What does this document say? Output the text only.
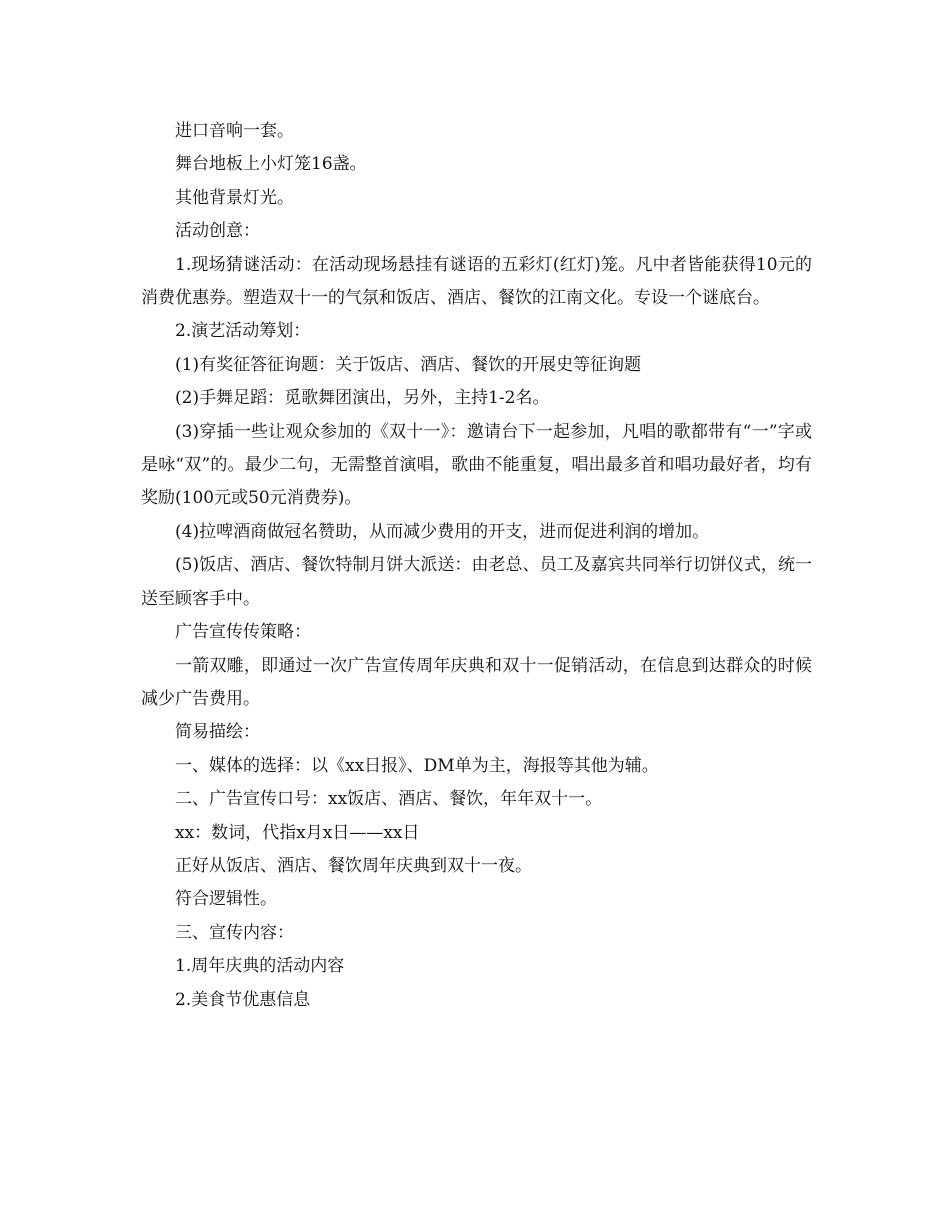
进口音响一套。

舞台地板上小灯笼16盏。

其他背景灯光。

活动创意：

1.现场猜谜活动：在活动现场悬挂有谜语的五彩灯(红灯)笼。凡中者皆能获得10元的消费优惠券。塑造双十一的气氛和饭店、酒店、餐饮的江南文化。专设一个谜底台。

2.演艺活动筹划：

(1)有奖征答征询题：关于饭店、酒店、餐饮的开展史等征询题

(2)手舞足蹈：觅歌舞团演出，另外，主持1-2名。

(3)穿插一些让观众参加的《双十一》：邀请台下一起参加，凡唱的歌都带有“一”字或是咏“双”的。最少二句，无需整首演唱，歌曲不能重复，唱出最多首和唱功最好者，均有奖励(100元或50元消费券)。

(4)拉啤酒商做冠名赞助，从而减少费用的开支，进而促进利润的增加。

(5)饭店、酒店、餐饮特制月饼大派送：由老总、员工及嘉宾共同举行切饼仪式，统一送至顾客手中。

广告宣传传策略：

一箭双雕，即通过一次广告宣传周年庆典和双十一促销活动，在信息到达群众的时候减少广告费用。

简易描绘：

一、媒体的选择：以《xx日报》、DM单为主，海报等其他为辅。

二、广告宣传口号：xx饭店、酒店、餐饮，年年双十一。

xx：数词，代指x月x日——xx日

正好从饭店、酒店、餐饮周年庆典到双十一夜。

符合逻辑性。

三、宣传内容：

1.周年庆典的活动内容

2.美食节优惠信息
